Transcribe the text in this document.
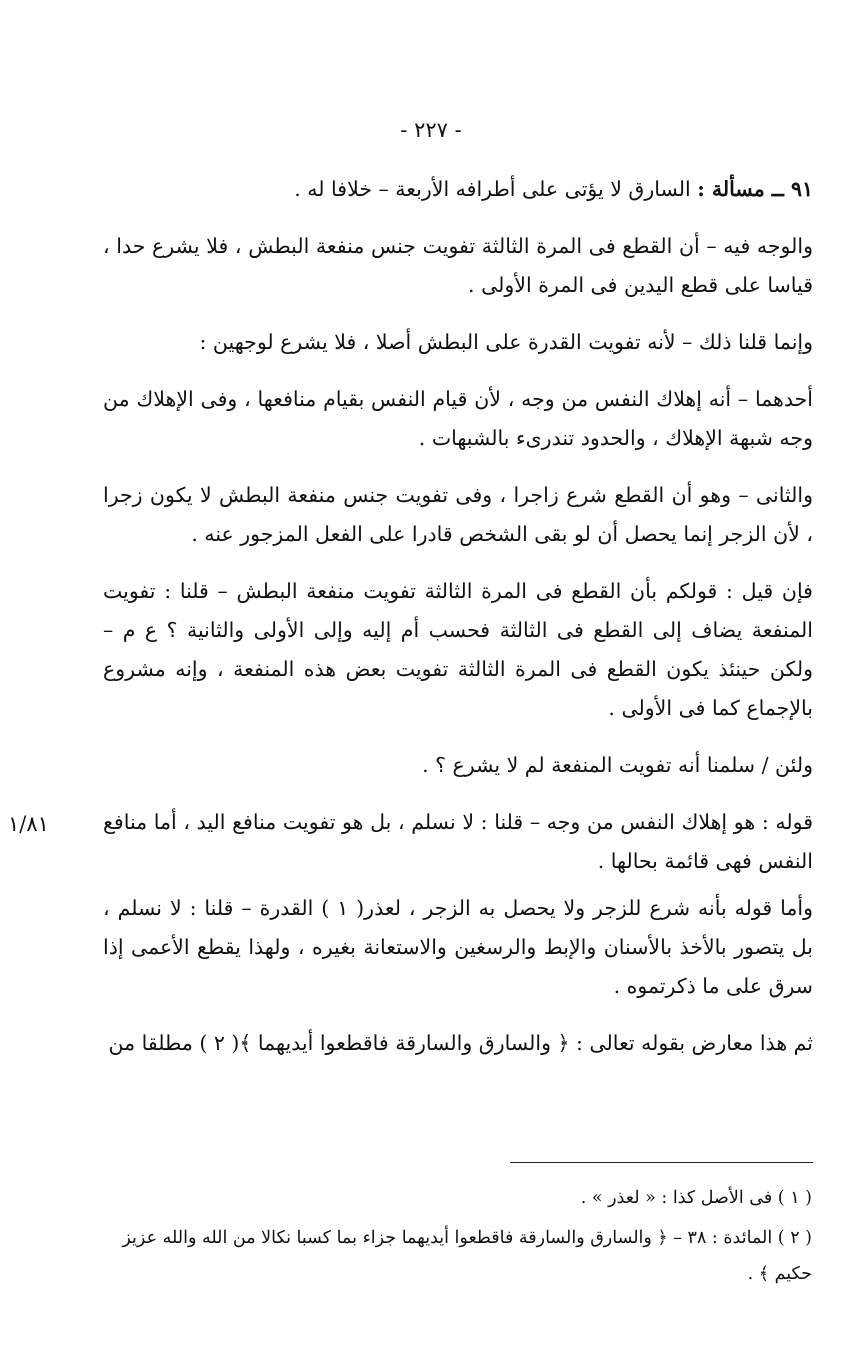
- ٢٢٧ -
١/٨١

٩١ ــ مسألة : السارق لا يؤتى على أطرافه الأربعة – خلافا له .

والوجه فيه – أن القطع فى المرة الثالثة تفويت جنس منفعة البطش ، فلا يشرع حدا ، قياسا على قطع اليدين فى المرة الأولى .

وإنما قلنا ذلك – لأنه تفويت القدرة على البطش أصلا ، فلا يشرع لوجهين :

أحدهما – أنه إهلاك النفس من وجه ، لأن قيام النفس بقيام منافعها ، وفى الإهلاك من وجه شبهة الإهلاك ، والحدود تندرىء بالشبهات .

والثانى – وهو أن القطع شرع زاجرا ، وفى تفويت جنس منفعة البطش لا يكون زجرا ، لأن الزجر إنما يحصل أن لو بقى الشخص قادرا على الفعل المزجور عنه .

فإن قيل : قولكم بأن القطع فى المرة الثالثة تفويت منفعة البطش – قلنا : تفويت المنفعة يضاف إلى القطع فى الثالثة فحسب أم إليه وإلى الأولى والثانية ؟ ع م – ولكن حينئذ يكون القطع فى المرة الثالثة تفويت بعض هذه المنفعة ، وإنه مشروع بالإجماع كما فى الأولى .

ولئن / سلمنا أنه تفويت المنفعة لم لا يشرع ؟ .

قوله : هو إهلاك النفس من وجه – قلنا : لا نسلم ، بل هو تفويت منافع اليد ، أما منافع النفس فهى قائمة بحالها .

وأما قوله بأنه شرع للزجر ولا يحصل به الزجر ، لعذر( ١ ) القدرة – قلنا : لا نسلم ، بل يتصور بالأخذ بالأسنان والإبط والرسغين والاستعانة بغيره ، ولهذا يقطع الأعمى إذا سرق على ما ذكرتموه .

ثم هذا معارض بقوله تعالى : ﴿ والسارق والسارقة فاقطعوا أيديهما ﴾( ٢ ) مطلقا من

( ١ ) فى الأصل كذا : « لعذر » .

( ٢ ) المائدة : ٣٨ – ﴿ والسارق والسارقة فاقطعوا أيديهما جزاء بما كسبا نكالا من الله والله عزيز حكيم ﴾ .
